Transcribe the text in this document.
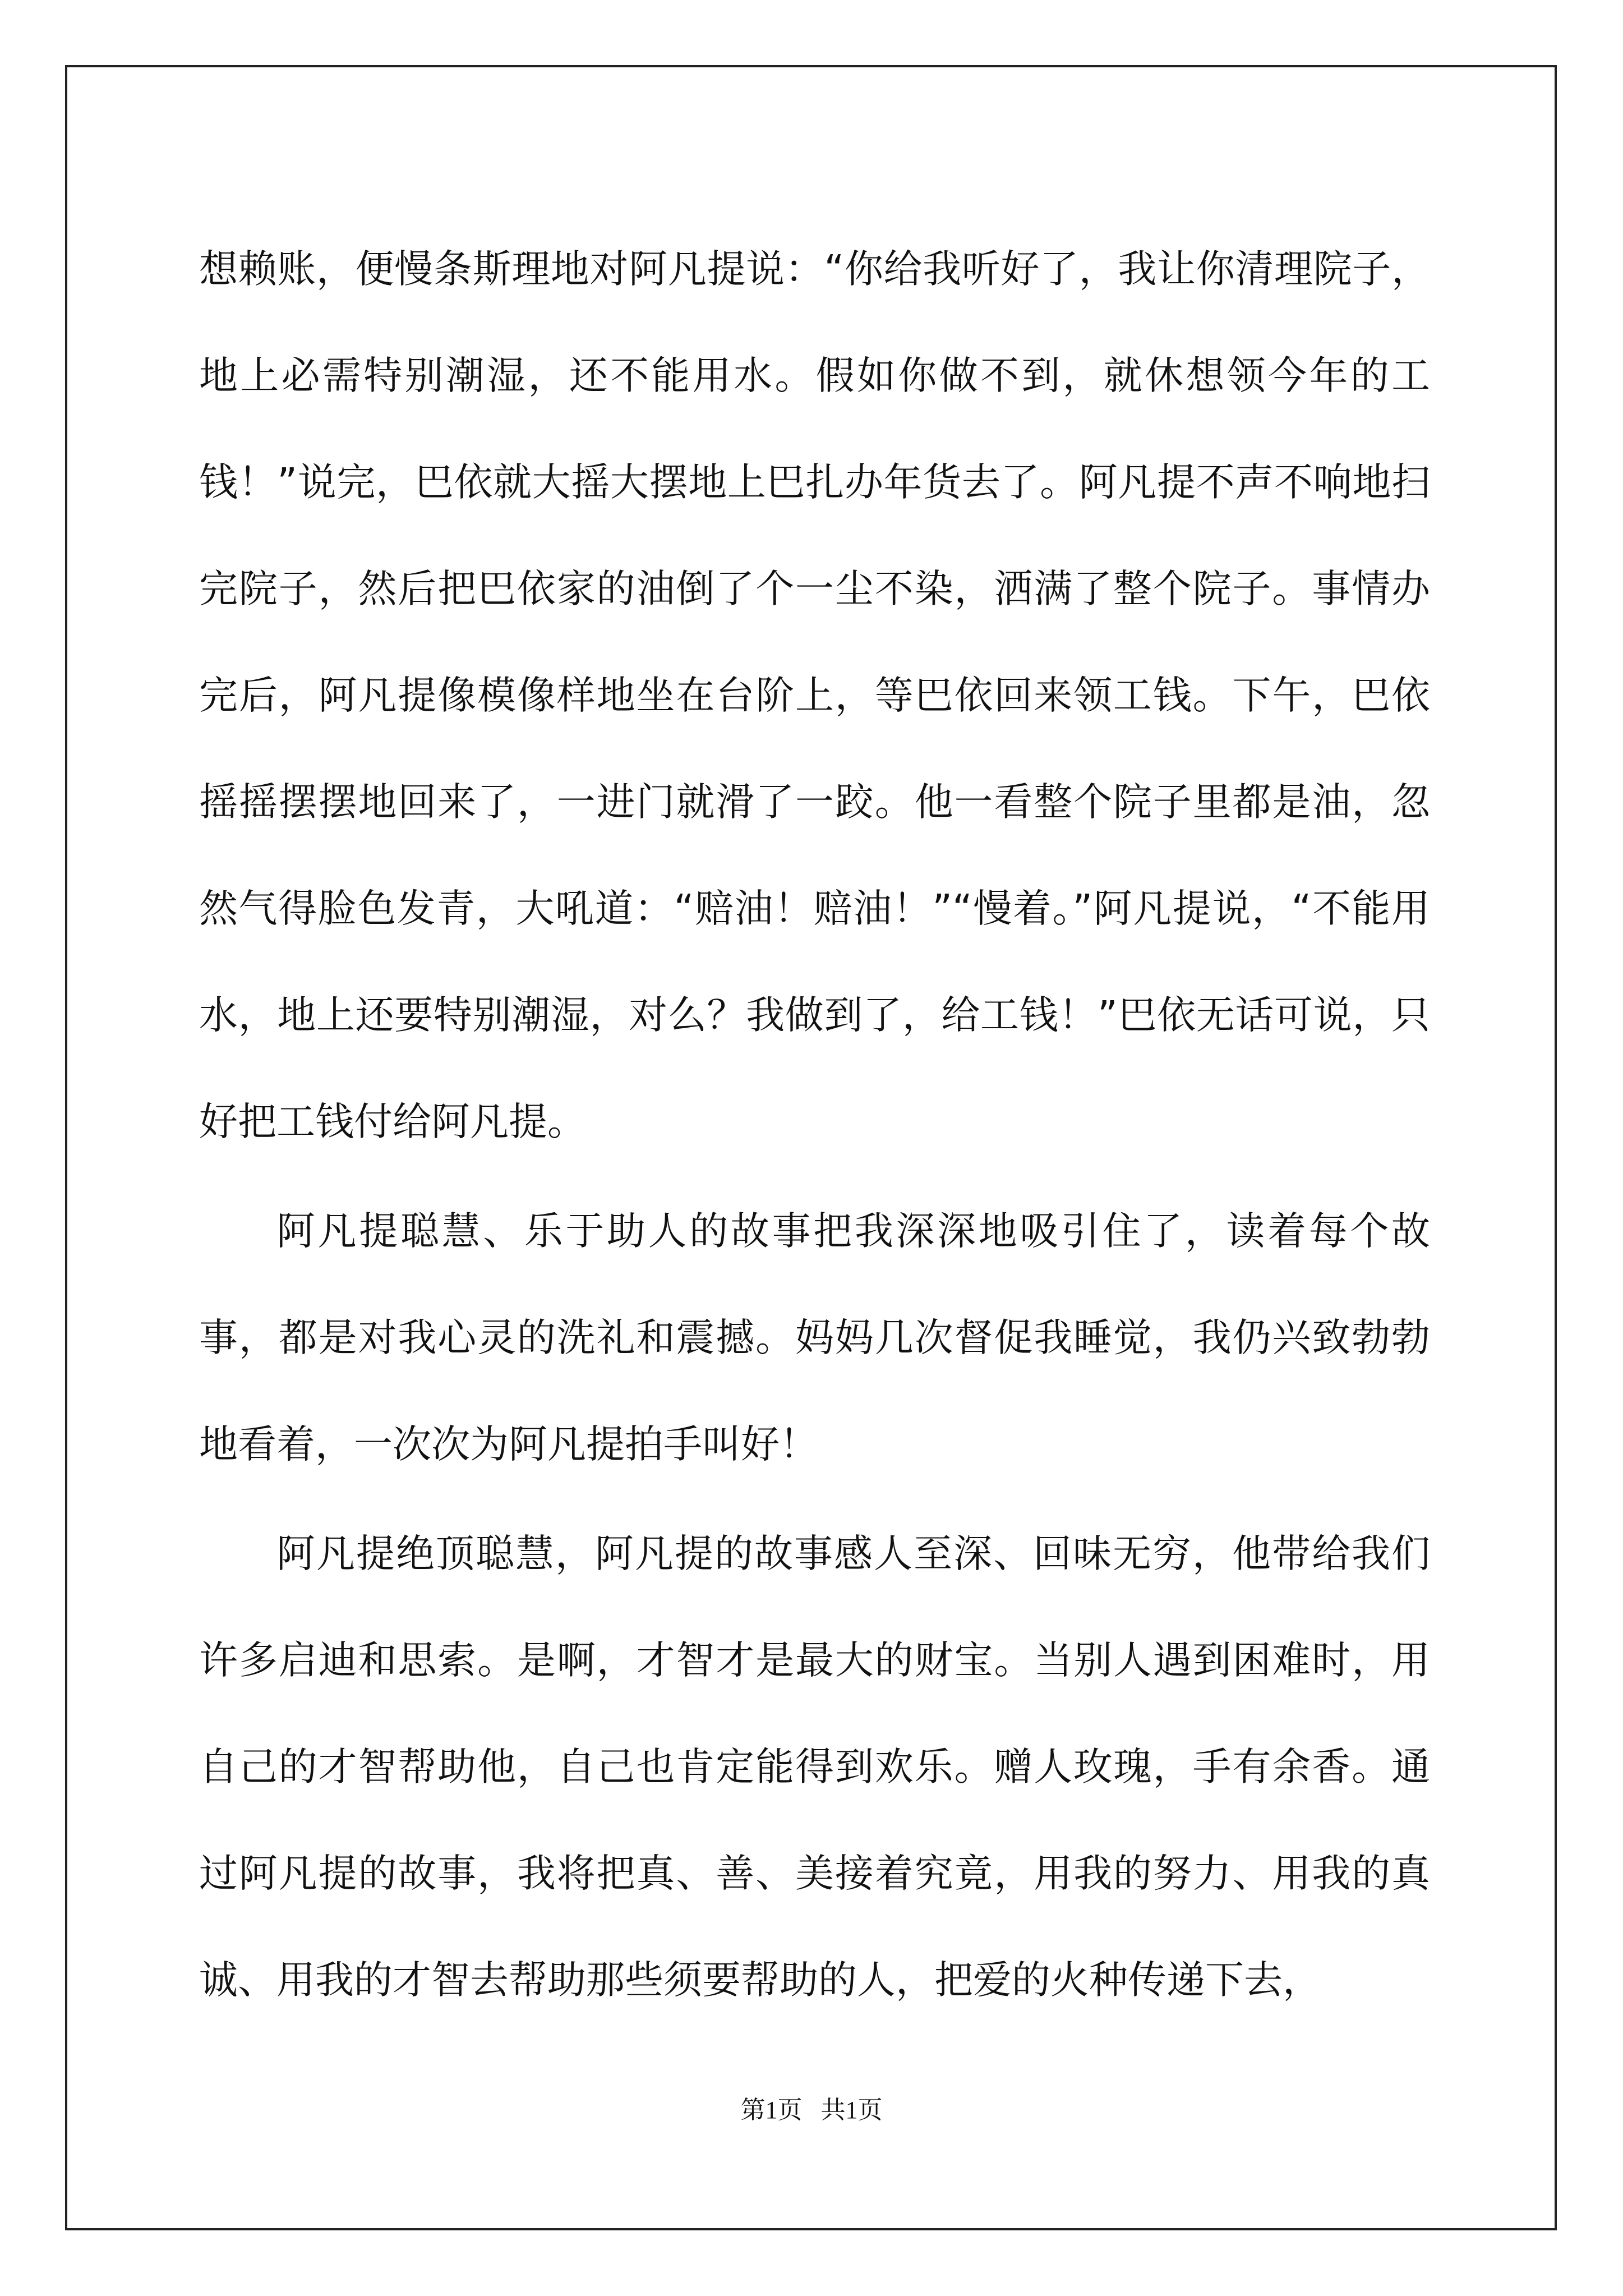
想赖账，便慢条斯理地对阿凡提说：“你给我听好了，我让你清理院子，地上必需特别潮湿，还不能用水。假如你做不到，就休想领今年的工钱！”说完，巴依就大摇大摆地上巴扎办年货去了。阿凡提不声不响地扫完院子，然后把巴依家的油倒了个一尘不染，洒满了整个院子。事情办完后，阿凡提像模像样地坐在台阶上，等巴依回来领工钱。下午，巴依摇摇摆摆地回来了，一进门就滑了一跤。他一看整个院子里都是油，忽然气得脸色发青，大吼道：“赔油！赔油！”“慢着。”阿凡提说，“不能用水，地上还要特别潮湿，对么？我做到了，给工钱！”巴依无话可说，只好把工钱付给阿凡提。
阿凡提聪慧、乐于助人的故事把我深深地吸引住了，读着每个故事，都是对我心灵的洗礼和震撼。妈妈几次督促我睡觉，我仍兴致勃勃地看着，一次次为阿凡提拍手叫好！
阿凡提绝顶聪慧，阿凡提的故事感人至深、回味无穷，他带给我们许多启迪和思索。是啊，才智才是最大的财宝。当别人遇到困难时，用自己的才智帮助他，自己也肯定能得到欢乐。赠人玫瑰，手有余香。通过阿凡提的故事，我将把真、善、美接着究竟，用我的努力、用我的真诚、用我的才智去帮助那些须要帮助的人，把爱的火种传递下去，
第1页   共1页
